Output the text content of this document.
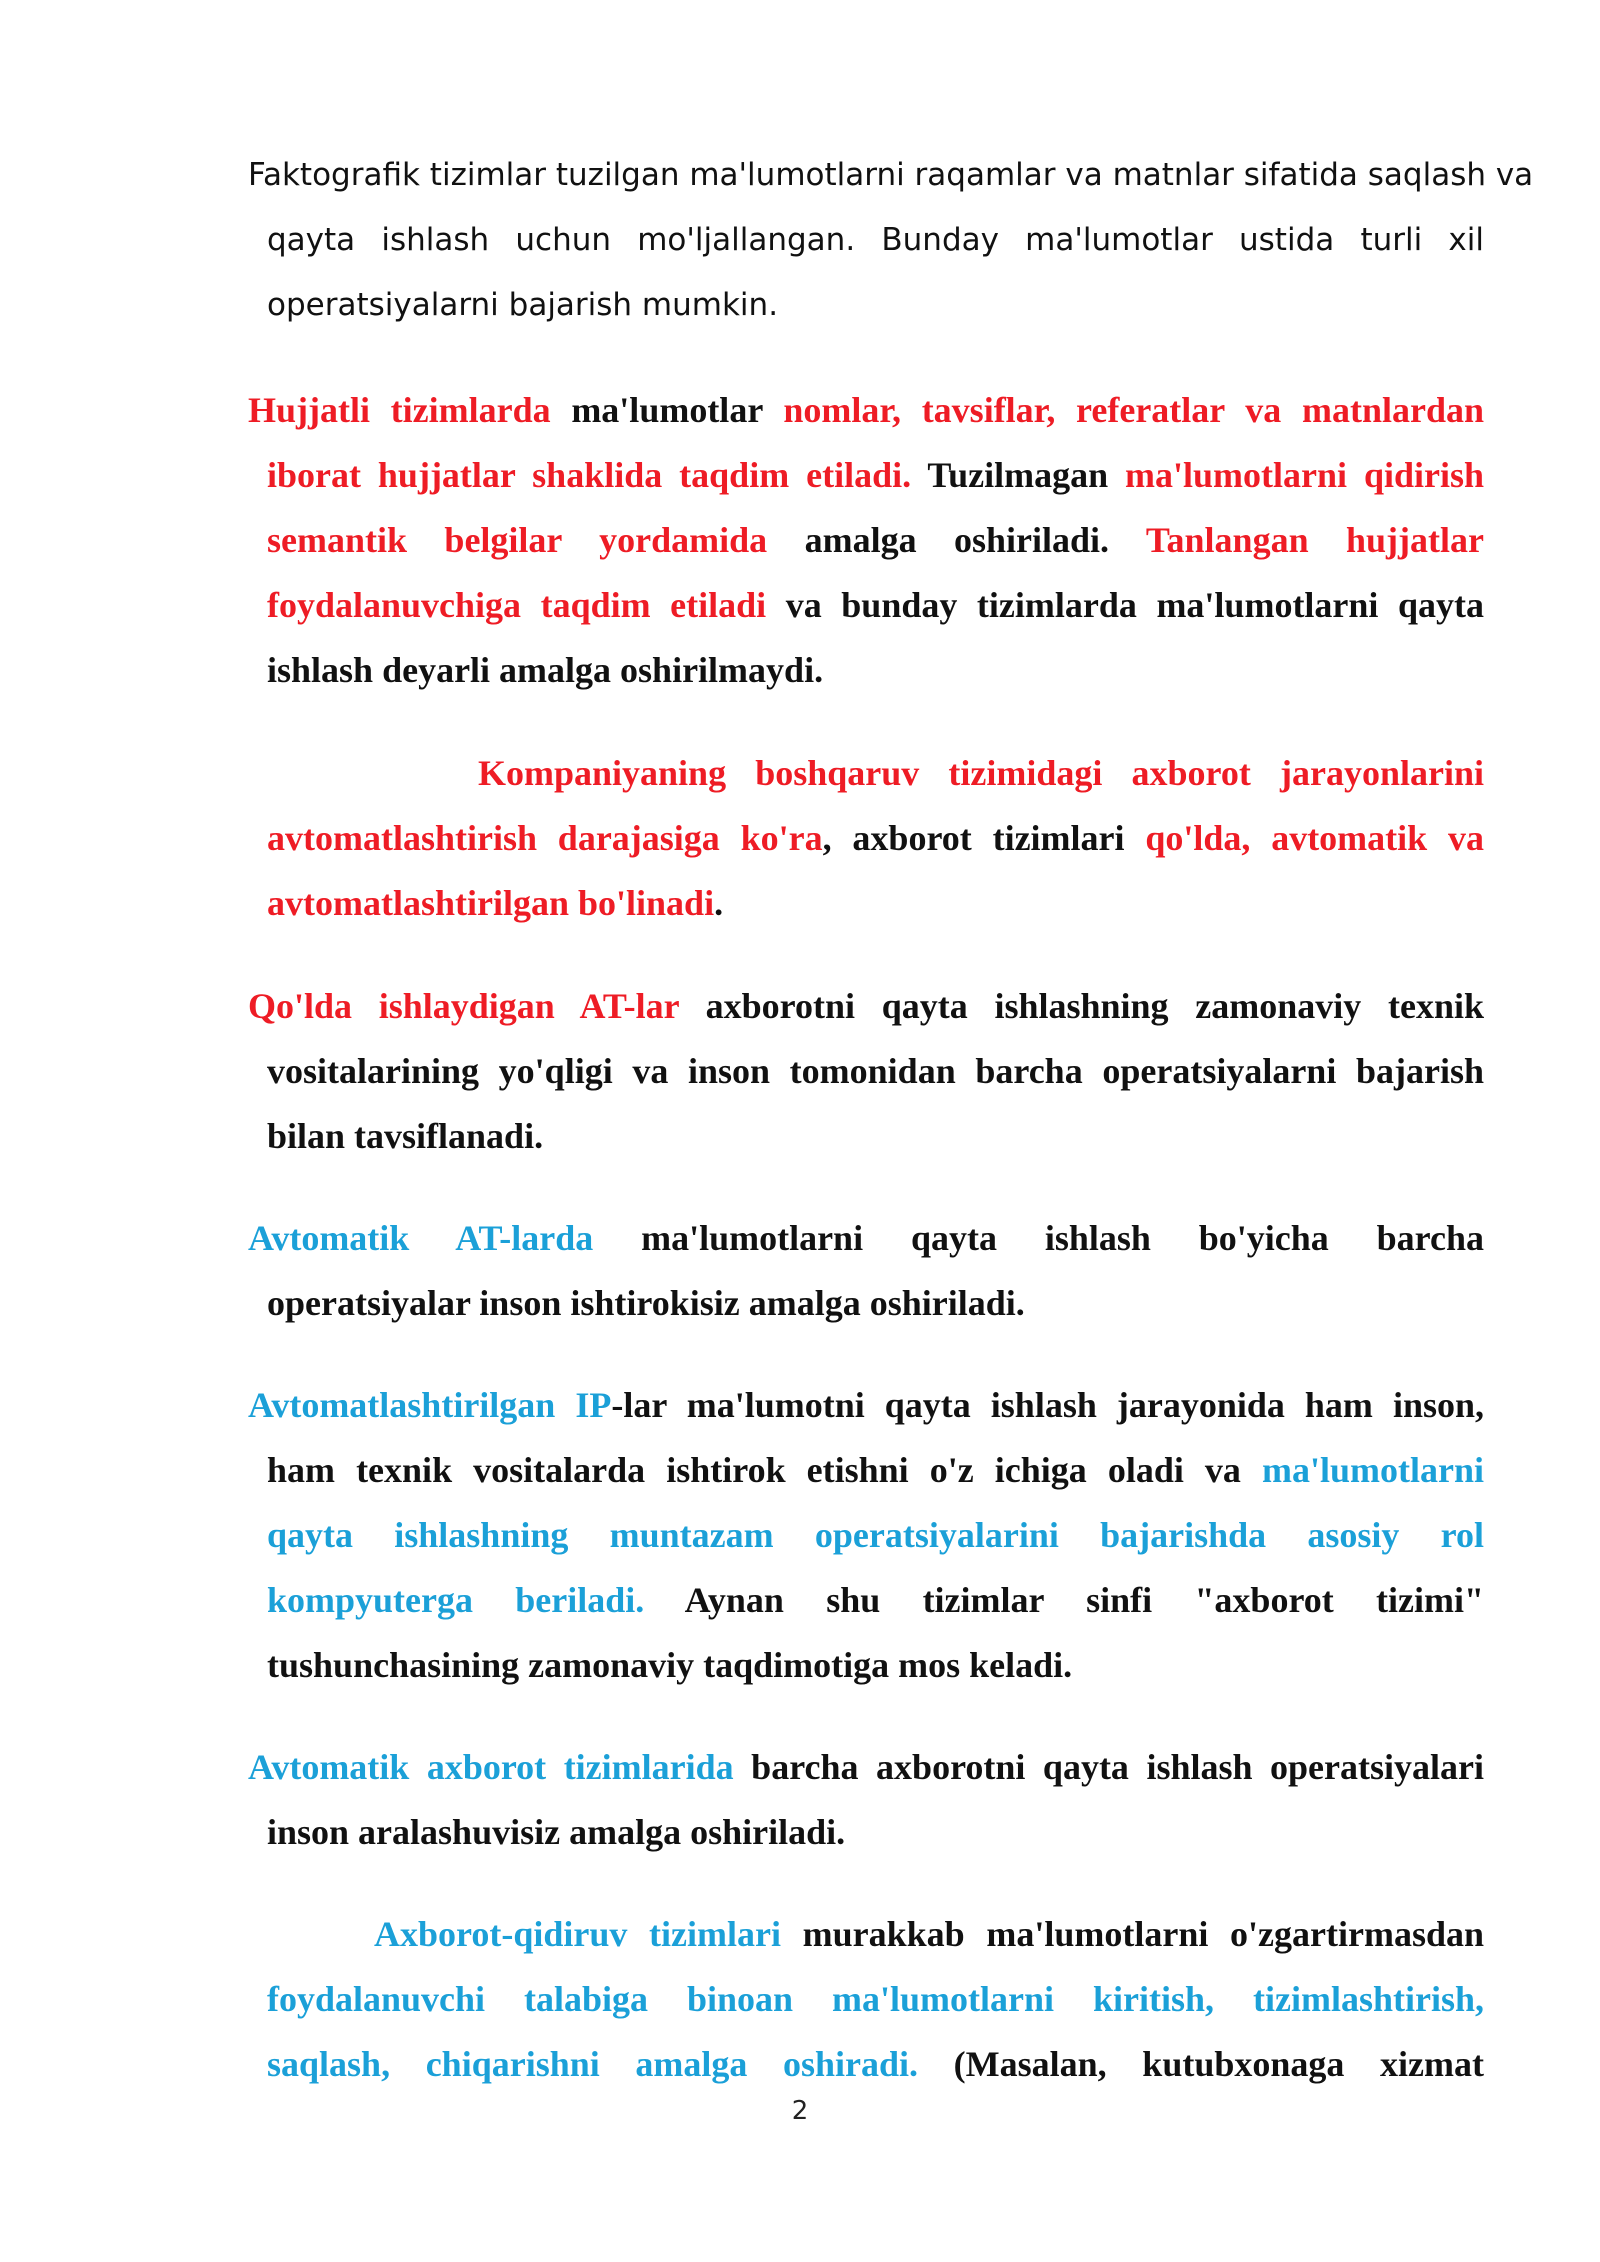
Faktografik tizimlar tuzilgan ma'lumotlarni raqamlar va matnlar sifatida saqlash va
qayta ishlash uchun mo'ljallangan. Bunday ma'lumotlar ustida turli xil
operatsiyalarni bajarish mumkin.
Hujjatli tizimlarda ma'lumotlar nomlar, tavsiflar, referatlar va matnlardan
iborat hujjatlar shaklida taqdim etiladi. Tuzilmagan ma'lumotlarni qidirish
semantik belgilar yordamida amalga oshiriladi. Tanlangan hujjatlar
foydalanuvchiga taqdim etiladi va bunday tizimlarda ma'lumotlarni qayta
ishlash deyarli amalga oshirilmaydi.
Kompaniyaning boshqaruv tizimidagi axborot jarayonlarini
avtomatlashtirish darajasiga ko'ra, axborot tizimlari qo'lda, avtomatik va
avtomatlashtirilgan bo'linadi.
Qo'lda ishlaydigan AT-lar axborotni qayta ishlashning zamonaviy texnik
vositalarining yo'qligi va inson tomonidan barcha operatsiyalarni bajarish
bilan tavsiflanadi.
Avtomatik AT-larda ma'lumotlarni qayta ishlash bo'yicha barcha
operatsiyalar inson ishtirokisiz amalga oshiriladi.
Avtomatlashtirilgan IP-lar ma'lumotni qayta ishlash jarayonida ham inson,
ham texnik vositalarda ishtirok etishni o'z ichiga oladi va ma'lumotlarni
qayta ishlashning muntazam operatsiyalarini bajarishda asosiy rol
kompyuterga beriladi. Aynan shu tizimlar sinfi "axborot tizimi"
tushunchasining zamonaviy taqdimotiga mos keladi.
Avtomatik axborot tizimlarida barcha axborotni qayta ishlash operatsiyalari
inson aralashuvisiz amalga oshiriladi.
Axborot-qidiruv tizimlari murakkab ma'lumotlarni o'zgartirmasdan
foydalanuvchi talabiga binoan ma'lumotlarni kiritish, tizimlashtirish,
saqlash, chiqarishni amalga oshiradi. (Masalan, kutubxonaga xizmat
2
